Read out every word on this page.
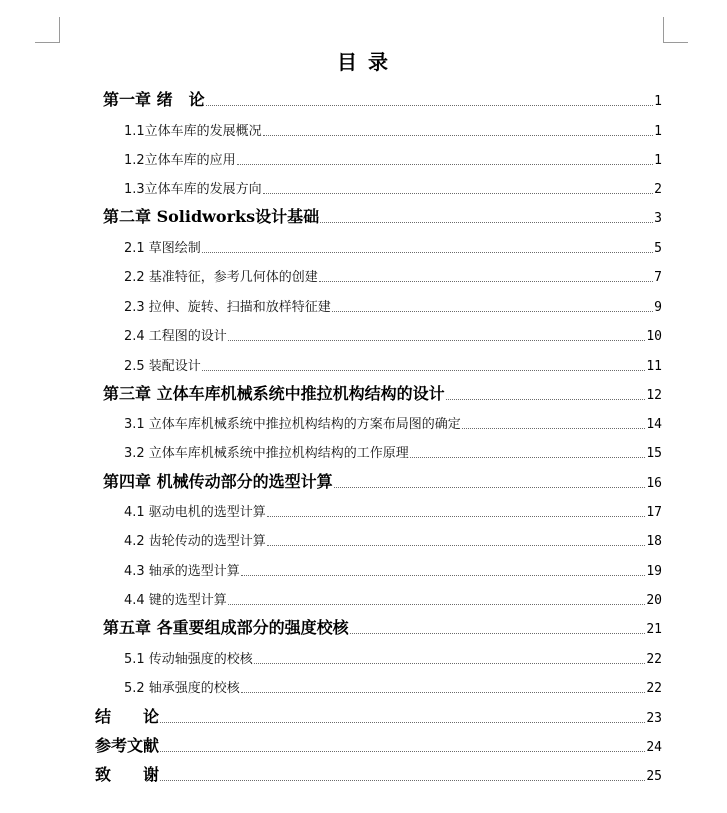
目 录
第一章 绪　论	1
1.1立体车库的发展概况	1
1.2立体车库的应用	1
1.3立体车库的发展方向	2
第二章 Solidworks设计基础	3
2.1 草图绘制	5
2.2 基准特征，参考几何体的创建	7
2.3 拉伸、旋转、扫描和放样特征建	9
2.4 工程图的设计	10
2.5 装配设计	11
第三章 立体车库机械系统中推拉机构结构的设计	12
3.1 立体车库机械系统中推拉机构结构的方案布局图的确定	14
3.2 立体车库机械系统中推拉机构结构的工作原理	15
第四章 机械传动部分的选型计算	16
4.1 驱动电机的选型计算	17
4.2 齿轮传动的选型计算	18
4.3 轴承的选型计算	19
4.4 键的选型计算	20
第五章 各重要组成部分的强度校核	21
5.1 传动轴强度的校核	22
5.2 轴承强度的校核	22
结　　论	23
参考文献	24
致　　谢	25
